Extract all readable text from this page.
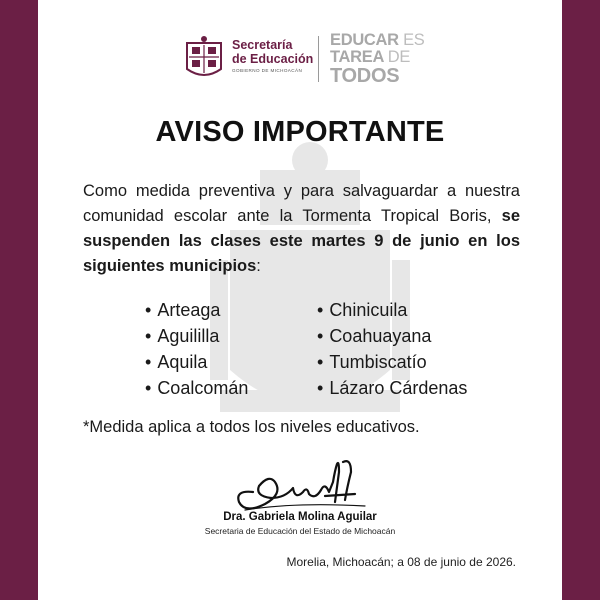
Secretaría
de Educación
GOBIERNO DE MICHOACÁN
EDUCAR ES
TAREA DE
TODOS
AVISO IMPORTANTE
Como medida preventiva y para salvaguardar a nuestra comunidad escolar ante la Tormenta Tropical Boris, se suspenden las clases este martes 9 de junio en los siguientes municipios:
• Arteaga
• Aguililla
• Aquila
• Coalcomán
• Chinicuila
• Coahuayana
• Tumbiscatío
• Lázaro Cárdenas
*Medida aplica a todos los niveles educativos.
Dra. Gabriela Molina Aguilar
Secretaria de Educación del Estado de Michoacán
Morelia, Michoacán; a 08 de junio de 2026.
